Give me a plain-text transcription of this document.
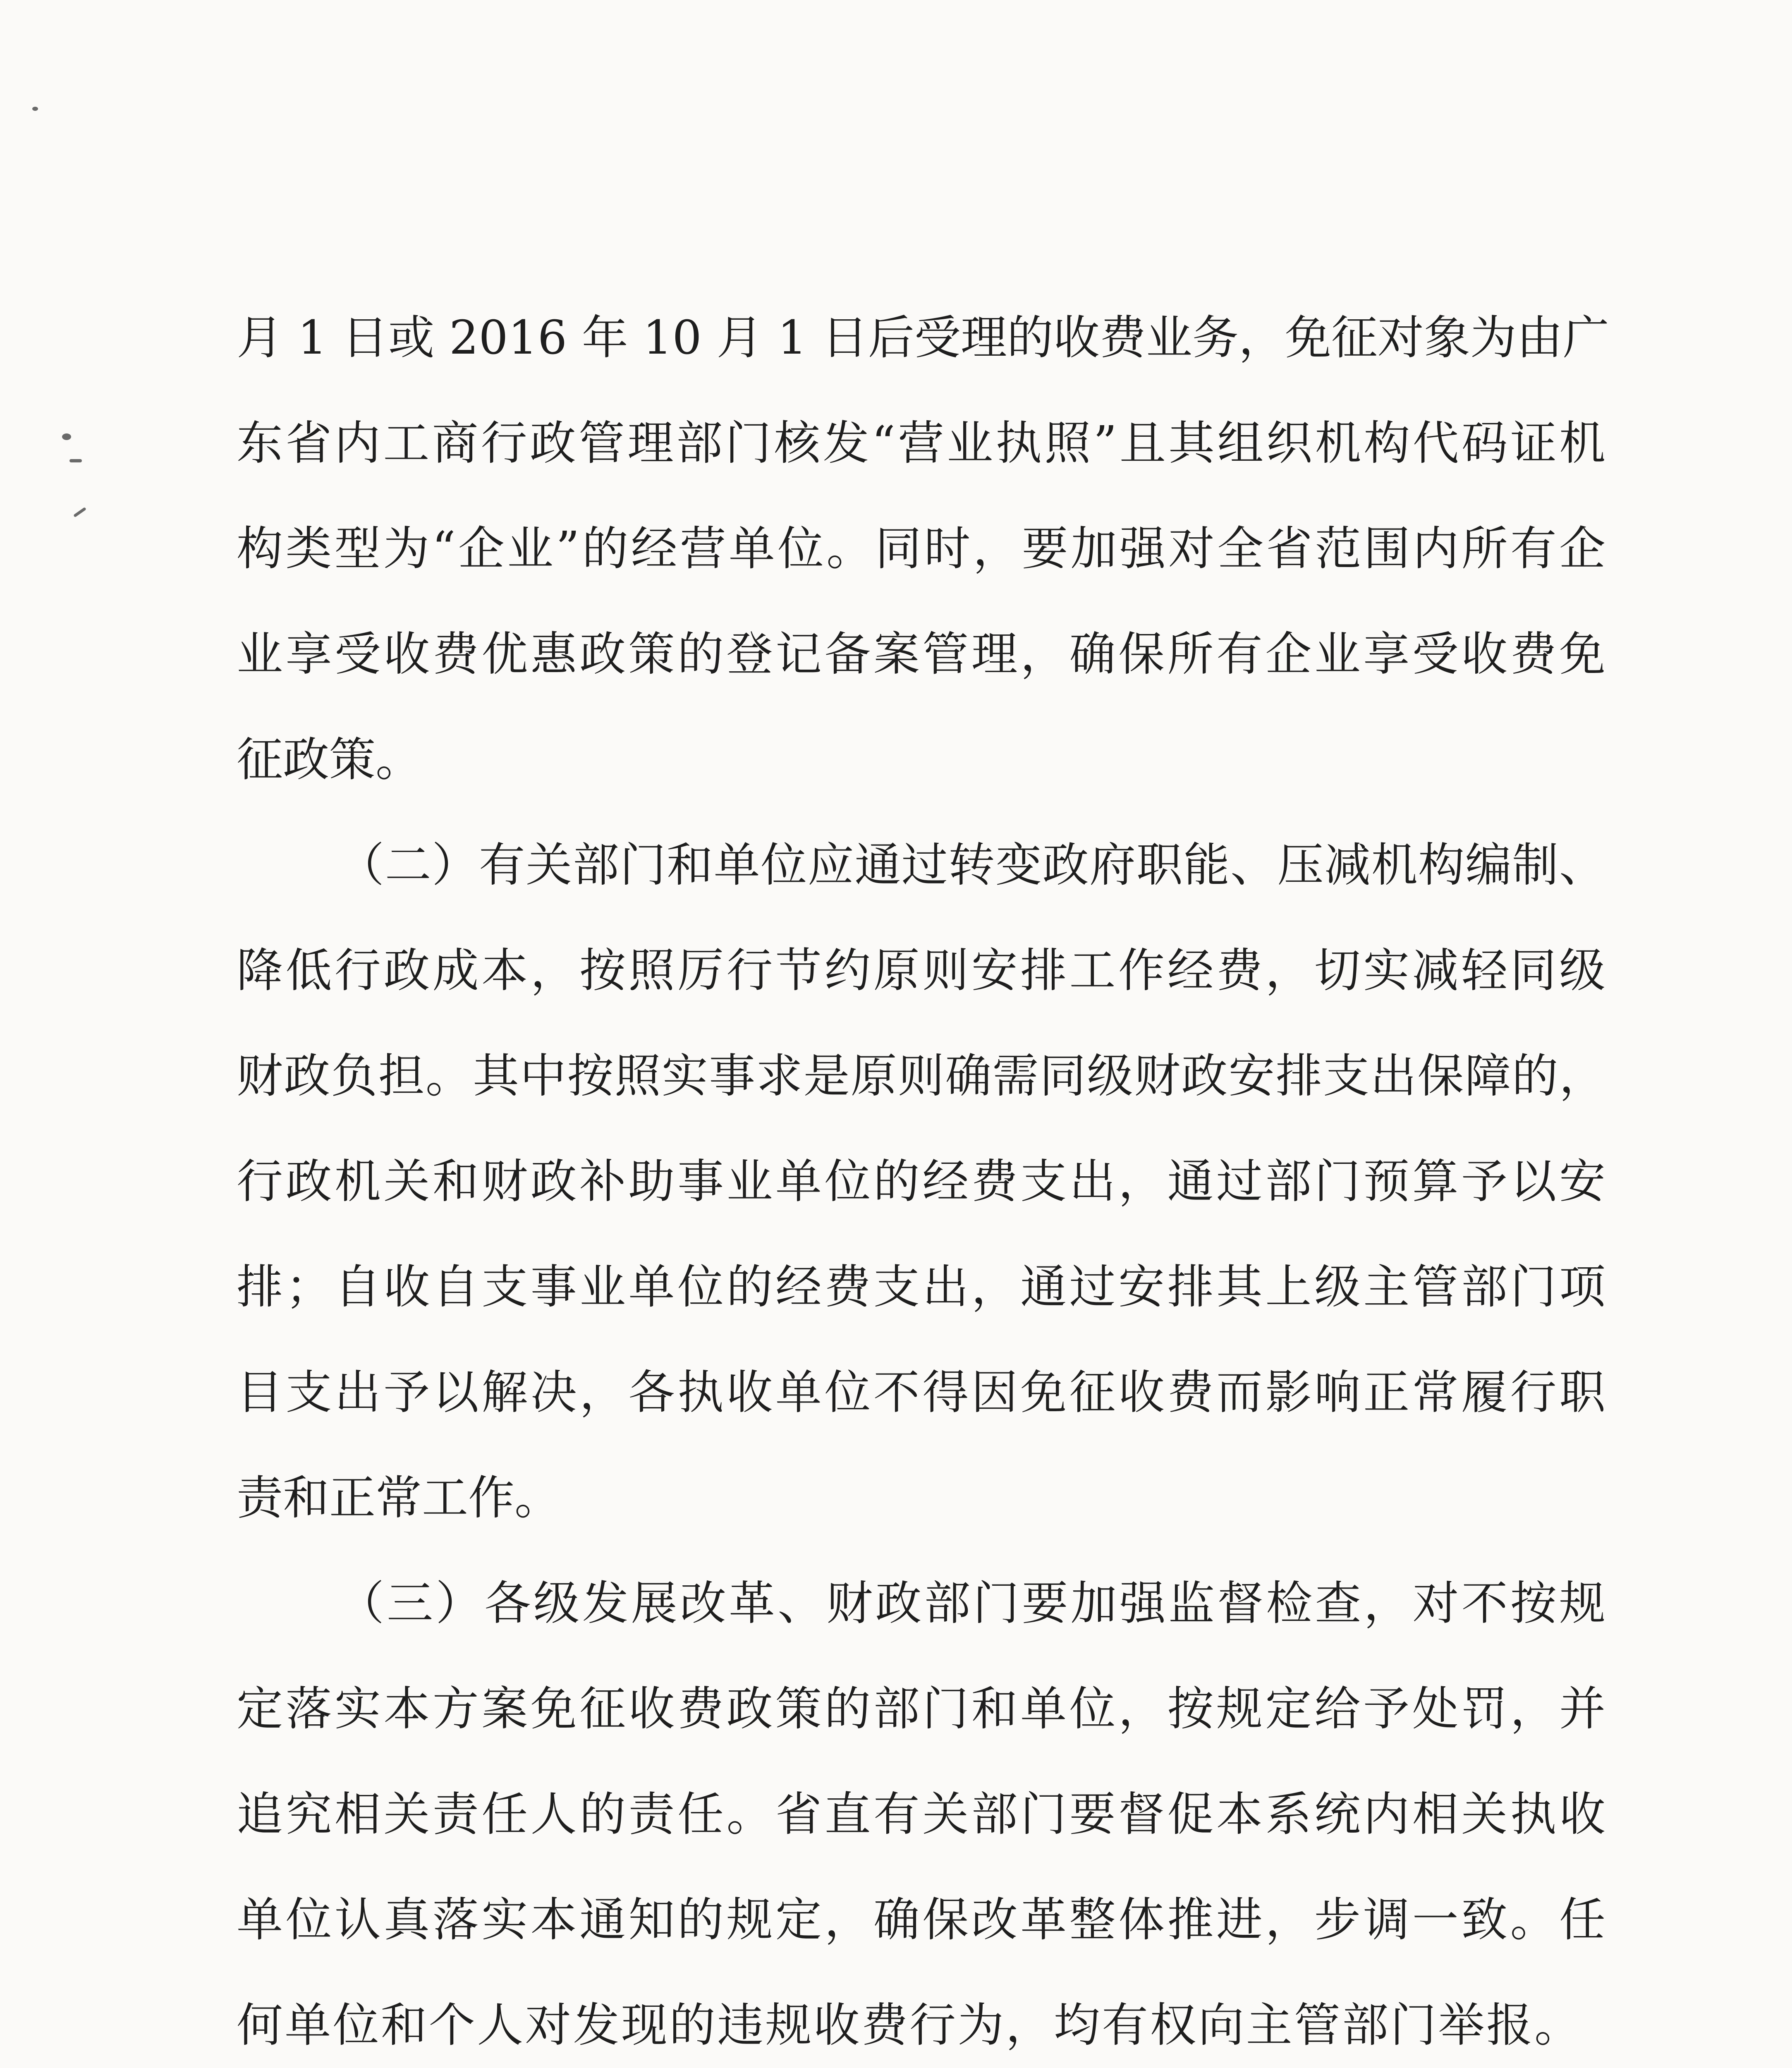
月 1 日或 2016 年 10 月 1 日后受理的收费业务，免征对象为由广
东省内工商行政管理部门核发“营业执照”且其组织机构代码证机
构类型为“企业”的经营单位。同时，要加强对全省范围内所有企
业享受收费优惠政策的登记备案管理，确保所有企业享受收费免
征政策。
（二）有关部门和单位应通过转变政府职能、压减机构编制、
降低行政成本，按照厉行节约原则安排工作经费，切实减轻同级
财政负担。其中按照实事求是原则确需同级财政安排支出保障的，
行政机关和财政补助事业单位的经费支出，通过部门预算予以安
排；自收自支事业单位的经费支出，通过安排其上级主管部门项
目支出予以解决，各执收单位不得因免征收费而影响正常履行职
责和正常工作。
（三）各级发展改革、财政部门要加强监督检查，对不按规
定落实本方案免征收费政策的部门和单位，按规定给予处罚，并
追究相关责任人的责任。省直有关部门要督促本系统内相关执收
单位认真落实本通知的规定，确保改革整体推进，步调一致。任
何单位和个人对发现的违规收费行为，均有权向主管部门举报。
